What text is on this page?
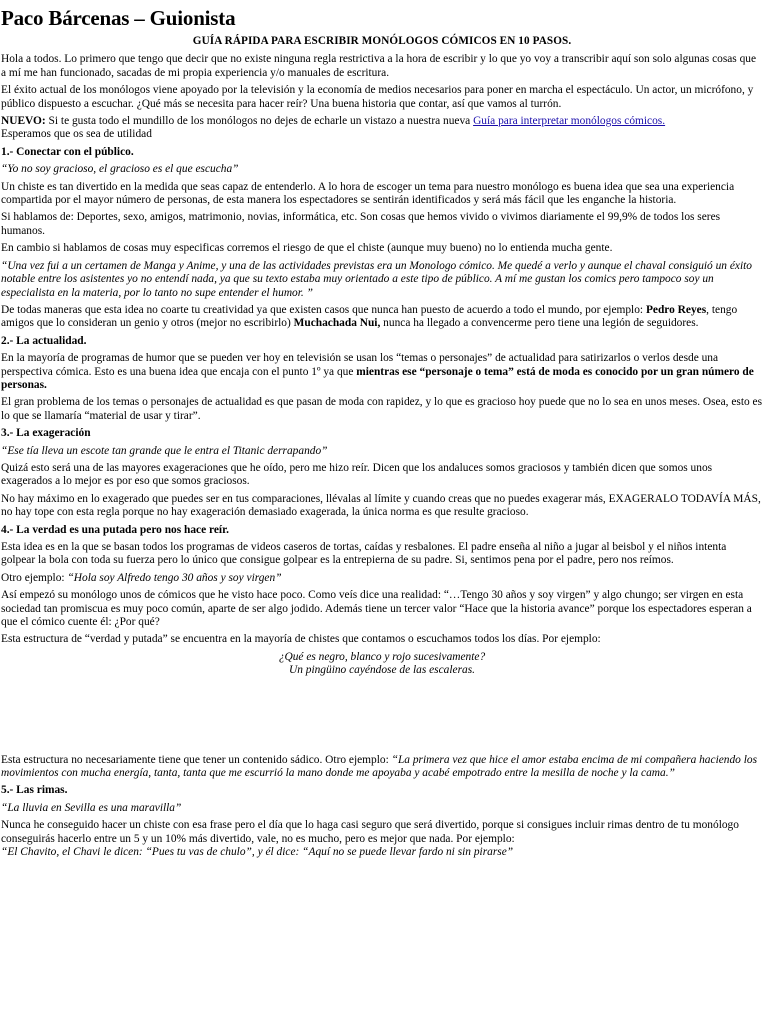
Paco Bárcenas – Guionista
GUÍA RÁPIDA PARA ESCRIBIR MONÓLOGOS CÓMICOS EN 10 PASOS.

Hola a todos. Lo primero que tengo que decir que no existe ninguna regla restrictiva a la hora de escribir y lo que yo voy a transcribir aquí son solo algunas cosas que a mí me han funcionado, sacadas de mi propia experiencia y/o manuales de escritura.

El éxito actual de los monólogos viene apoyado por la televisión y la economía de medios necesarios para poner en marcha el espectáculo. Un actor, un micrófono, y público dispuesto a escuchar. ¿Qué más se necesita para hacer reír? Una buena historia que contar, así que vamos al turrón.

NUEVO: Si te gusta todo el mundillo de los monólogos no dejes de echarle un vistazo a nuestra nueva Guía para interpretar monólogos cómicos.

Esperamos que os sea de utilidad

1.- Conectar con el público.

“Yo no soy gracioso, el gracioso es el que escucha”

Un chiste es tan divertido en la medida que seas capaz de entenderlo. A lo hora de escoger un tema para nuestro monólogo es buena idea que sea una experiencia compartida por el mayor número de personas, de esta manera los espectadores se sentirán identificados y será más fácil que les enganche la historia.

Si hablamos de: Deportes, sexo, amigos, matrimonio, novias, informática, etc. Son cosas que hemos vivido o vivimos diariamente el 99,9% de todos los seres humanos.

En cambio si hablamos de cosas muy especificas corremos el riesgo de que el chiste (aunque muy bueno) no lo entienda mucha gente.

“Una vez fui a un certamen de Manga y Anime, y una de las actividades previstas era un Monologo cómico. Me quedé a verlo y aunque el chaval consiguió un éxito notable entre los asistentes yo no entendí nada, ya que su texto estaba muy orientado a este tipo de público. A mí me gustan los comics pero tampoco soy un especialista en la materia, por lo tanto no supe entender el humor. ”

De todas maneras que esta idea no coarte tu creatividad ya que existen casos que nunca han puesto de acuerdo a todo el mundo, por ejemplo: Pedro Reyes, tengo amigos que lo consideran un genio y otros (mejor no escribirlo) Muchachada Nui, nunca ha llegado a convencerme pero tiene una legión de seguidores.

2.- La actualidad.

En la mayoría de programas de humor que se pueden ver hoy en televisión se usan los “temas o personajes” de actualidad para satirizarlos o verlos desde una perspectiva cómica. Esto es una buena idea que encaja con el punto 1º ya que mientras ese “personaje o tema” está de moda es conocido por un gran número de personas.

El gran problema de los temas o personajes de actualidad es que pasan de moda con rapidez, y lo que es gracioso hoy puede que no lo sea en unos meses. Osea, esto es lo que se llamaría “material de usar y tirar”.

3.- La exageración

“Ese tía lleva un escote tan grande que le entra el Titanic derrapando”

Quizá esto será una de las mayores exageraciones que he oído, pero me hizo reír. Dicen que los andaluces somos graciosos y también dicen que somos unos exagerados a lo mejor es por eso que somos graciosos.

No hay máximo en lo exagerado que puedes ser en tus comparaciones, llévalas al límite y cuando creas que no puedes exagerar más, EXAGERALO TODAVÍA MÁS, no hay tope con esta regla porque no hay exageración demasiado exagerada, la única norma es que resulte gracioso.

4.- La verdad es una putada pero nos hace reír.

Esta idea es en la que se basan todos los programas de videos caseros de tortas, caídas y resbalones. El padre enseña al niño a jugar al beisbol y el niños intenta golpear la bola con toda su fuerza pero lo único que consigue golpear es la entrepierna de su padre. Si, sentimos pena por el padre, pero nos reímos.

Otro ejemplo: “Hola soy Alfredo tengo 30 años y soy virgen”

Así empezó su monólogo unos de cómicos que he visto hace poco. Como veís dice una realidad: “…Tengo 30 años y soy virgen” y algo chungo; ser virgen en esta sociedad tan promiscua es muy poco común, aparte de ser algo jodido. Además tiene un tercer valor “Hace que la historia avance” porque los espectadores esperan a que el cómico cuente él: ¿Por qué?

Esta estructura de “verdad y putada” se encuentra en la mayoría de chistes que contamos o escuchamos todos los días. Por ejemplo:

¿Qué es negro, blanco y rojo sucesivamente?

Un pingüino cayéndose de las escaleras.

Esta estructura no necesariamente tiene que tener un contenido sádico. Otro ejemplo: “La primera vez que hice el amor estaba encima de mi compañera haciendo los movimientos con mucha energía, tanta, tanta que me escurrió la mano donde me apoyaba y acabé empotrado entre la mesilla de noche y la cama.”

5.- Las rimas.

“La lluvia en Sevilla es una maravilla”

Nunca he conseguido hacer un chiste con esa frase pero el día que lo haga casi seguro que será divertido, porque si consigues incluir rimas dentro de tu monólogo conseguirás hacerlo entre un 5 y un 10% más divertido, vale, no es mucho, pero es mejor que nada. Por ejemplo:

“El Chavito, el Chavi le dicen: “Pues tu vas de chulo”, y él dice: “Aquí no se puede llevar fardo ni sin pirarse”
